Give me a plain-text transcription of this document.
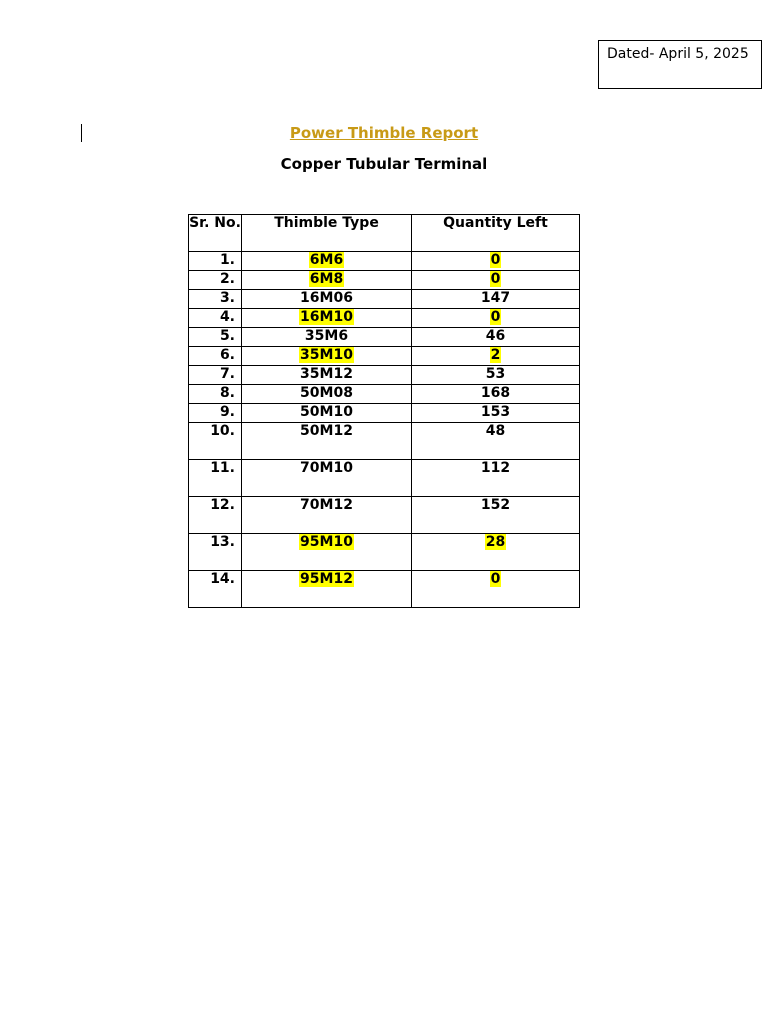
Dated- April 5, 2025
Power Thimble Report
Copper Tubular Terminal
Sr. No.	Thimble Type	Quantity Left
1.	6M6	0
2.	6M8	0
3.	16M06	147
4.	16M10	0
5.	35M6	46
6.	35M10	2
7.	35M12	53
8.	50M08	168
9.	50M10	153
10.	50M12	48
11.	70M10	112
12.	70M12	152
13.	95M10	28
14.	95M12	0
